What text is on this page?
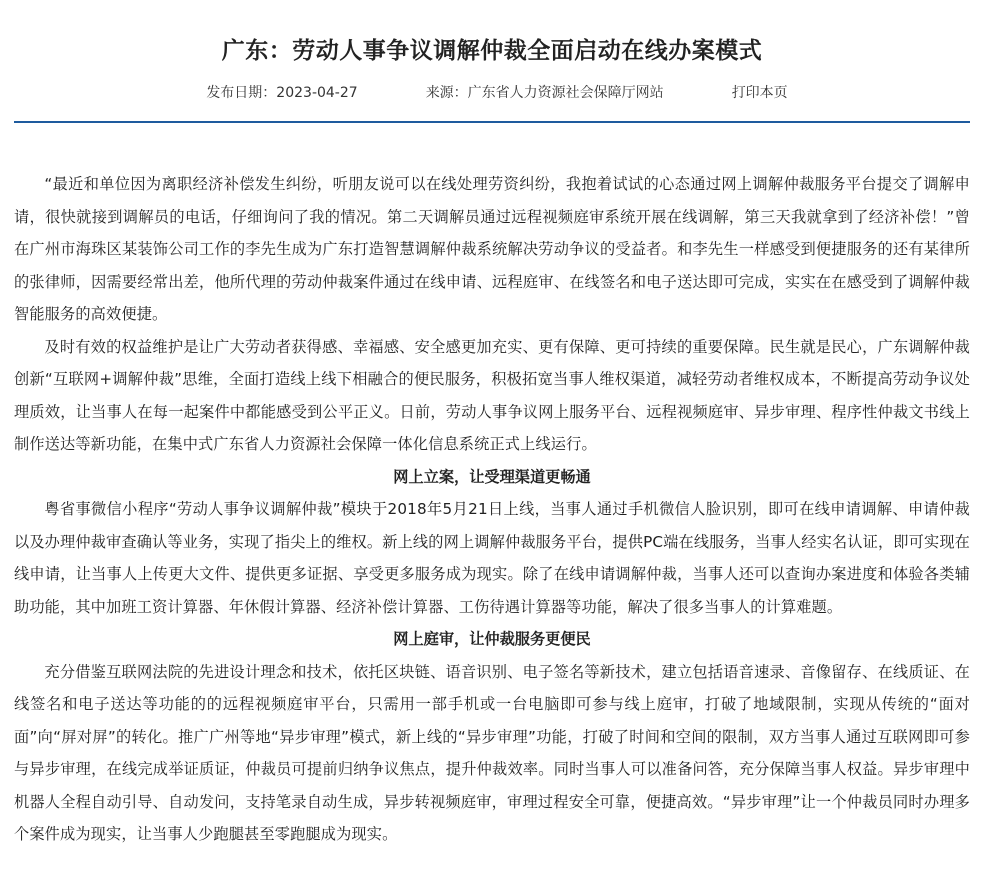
广东：劳动人事争议调解仲裁全面启动在线办案模式
发布日期：2023-04-27	来源：广东省人力资源社会保障厅网站	打印本页

“最近和单位因为离职经济补偿发生纠纷，听朋友说可以在线处理劳资纠纷，我抱着试试的心态通过网上调解仲裁服务平台提交了调解申请，很快就接到调解员的电话，仔细询问了我的情况。第二天调解员通过远程视频庭审系统开展在线调解，第三天我就拿到了经济补偿！”曾在广州市海珠区某装饰公司工作的李先生成为广东打造智慧调解仲裁系统解决劳动争议的受益者。和李先生一样感受到便捷服务的还有某律所的张律师，因需要经常出差，他所代理的劳动仲裁案件通过在线申请、远程庭审、在线签名和电子送达即可完成，实实在在感受到了调解仲裁智能服务的高效便捷。

及时有效的权益维护是让广大劳动者获得感、幸福感、安全感更加充实、更有保障、更可持续的重要保障。民生就是民心，广东调解仲裁创新“互联网+调解仲裁”思维，全面打造线上线下相融合的便民服务，积极拓宽当事人维权渠道，减轻劳动者维权成本，不断提高劳动争议处理质效，让当事人在每一起案件中都能感受到公平正义。日前，劳动人事争议网上服务平台、远程视频庭审、异步审理、程序性仲裁文书线上制作送达等新功能，在集中式广东省人力资源社会保障一体化信息系统正式上线运行。

网上立案，让受理渠道更畅通

粤省事微信小程序“劳动人事争议调解仲裁”模块于2018年5月21日上线，当事人通过手机微信人脸识别，即可在线申请调解、申请仲裁以及办理仲裁审查确认等业务，实现了指尖上的维权。新上线的网上调解仲裁服务平台，提供PC端在线服务，当事人经实名认证，即可实现在线申请，让当事人上传更大文件、提供更多证据、享受更多服务成为现实。除了在线申请调解仲裁，当事人还可以查询办案进度和体验各类辅助功能，其中加班工资计算器、年休假计算器、经济补偿计算器、工伤待遇计算器等功能，解决了很多当事人的计算难题。

网上庭审，让仲裁服务更便民

充分借鉴互联网法院的先进设计理念和技术，依托区块链、语音识别、电子签名等新技术，建立包括语音速录、音像留存、在线质证、在线签名和电子送达等功能的的远程视频庭审平台，只需用一部手机或一台电脑即可参与线上庭审，打破了地域限制，实现从传统的“面对面”向“屏对屏”的转化。推广广州等地“异步审理”模式，新上线的“异步审理”功能，打破了时间和空间的限制，双方当事人通过互联网即可参与异步审理，在线完成举证质证，仲裁员可提前归纳争议焦点，提升仲裁效率。同时当事人可以准备问答，充分保障当事人权益。异步审理中机器人全程自动引导、自动发问，支持笔录自动生成，异步转视频庭审，审理过程安全可靠，便捷高效。“异步审理”让一个仲裁员同时办理多个案件成为现实，让当事人少跑腿甚至零跑腿成为现实。
